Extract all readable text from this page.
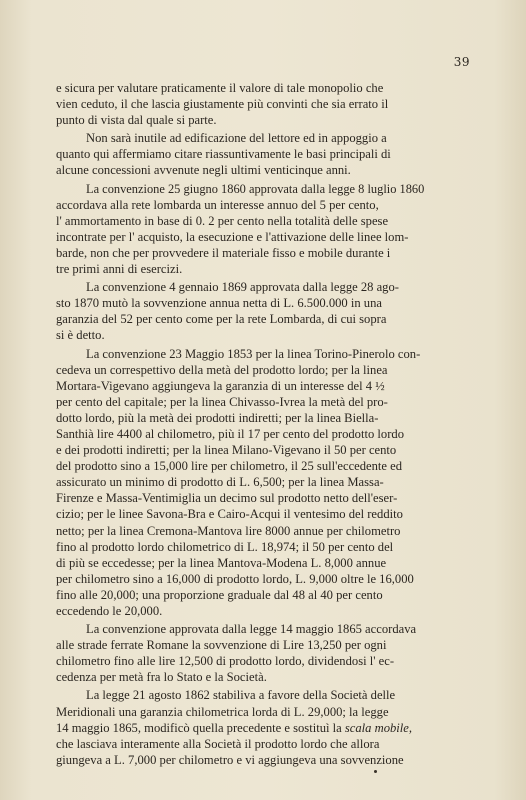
39
e sicura per valutare praticamente il valore di tale monopolio che
vien ceduto, il che lascia giustamente più convinti che sia errato il
punto di vista dal quale si parte.
Non sarà inutile ad edificazione del lettore ed in appoggio a
quanto qui affermiamo citare riassuntivamente le basi principali di
alcune concessioni avvenute negli ultimi venticinque anni.
La convenzione 25 giugno 1860 approvata dalla legge 8 luglio 1860
accordava alla rete lombarda un interesse annuo del 5 per cento,
l' ammortamento in base di 0. 2 per cento nella totalità delle spese
incontrate per l' acquisto, la esecuzione e l'attivazione delle linee lom-
barde, non che per provvedere il materiale fisso e mobile durante i
tre primi anni di esercizi.
La convenzione 4 gennaio 1869 approvata dalla legge 28 ago-
sto 1870 mutò la sovvenzione annua netta di L. 6.500.000 in una
garanzia del 52 per cento come per la rete Lombarda, di cui sopra
si è detto.
La convenzione 23 Maggio 1853 per la linea Torino-Pinerolo con-
cedeva un correspettivo della metà del prodotto lordo; per la linea
Mortara-Vigevano aggiungeva la garanzia di un interesse del 4 ½
per cento del capitale; per la linea Chivasso-Ivrea la metà del pro-
dotto lordo, più la metà dei prodotti indiretti; per la linea Biella-
Santhià lire 4400 al chilometro, più il 17 per cento del prodotto lordo
e dei prodotti indiretti; per la linea Milano-Vigevano il 50 per cento
del prodotto sino a 15,000 lire per chilometro, il 25 sull'eccedente ed
assicurato un minimo di prodotto di L. 6,500; per la linea Massa-
Firenze e Massa-Ventimiglia un decimo sul prodotto netto dell'eser-
cizio; per le linee Savona-Bra e Cairo-Acqui il ventesimo del reddito
netto; per la linea Cremona-Mantova lire 8000 annue per chilometro
fino al prodotto lordo chilometrico di L. 18,974; il 50 per cento del
di più se eccedesse; per la linea Mantova-Modena L. 8,000 annue
per chilometro sino a 16,000 di prodotto lordo, L. 9,000 oltre le 16,000
fino alle 20,000; una proporzione graduale dal 48 al 40 per cento
eccedendo le 20,000.
La convenzione approvata dalla legge 14 maggio 1865 accordava
alle strade ferrate Romane la sovvenzione di Lire 13,250 per ogni
chilometro fino alle lire 12,500 di prodotto lordo, dividendosi l' ec-
cedenza per metà fra lo Stato e la Società.
La legge 21 agosto 1862 stabiliva a favore della Società delle
Meridionali una garanzia chilometrica lorda di L. 29,000; la legge
14 maggio 1865, modificò quella precedente e sostituì la scala mobile,
che lasciava interamente alla Società il prodotto lordo che allora
giungeva a L. 7,000 per chilometro e vi aggiungeva una sovvenzione
